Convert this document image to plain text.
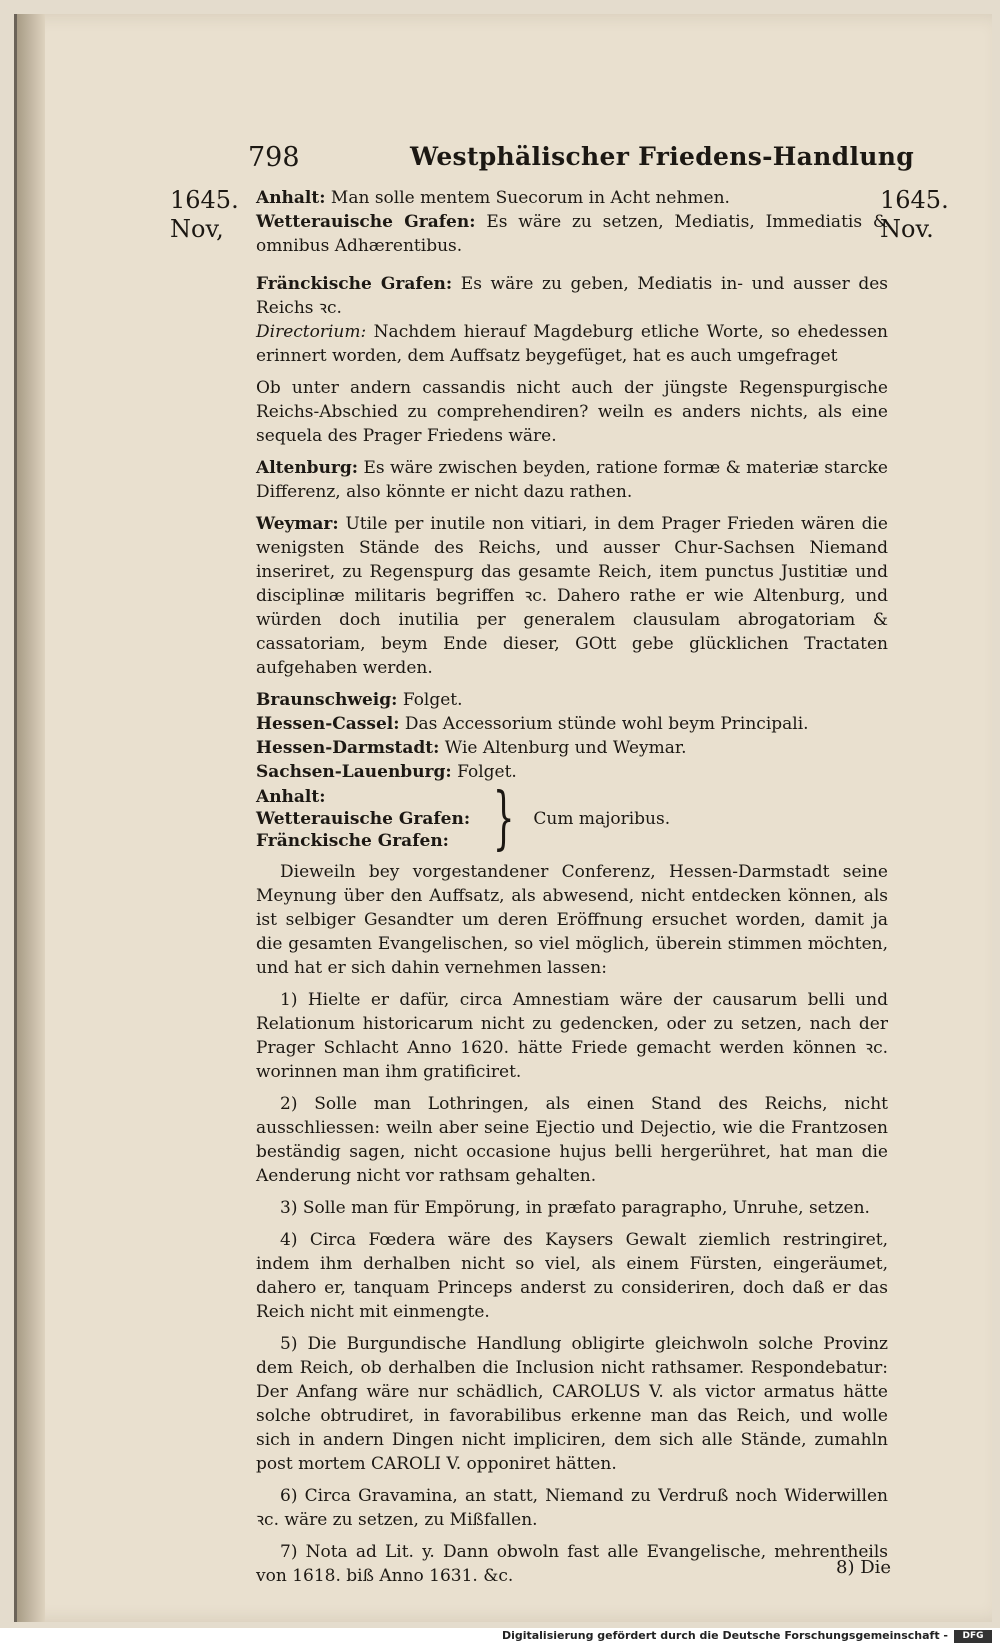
798	Westphälischer Friedens-Handlung
1645.
Nov,
1645.
Nov.

Anhalt: Man solle mentem Suecorum in Acht nehmen.

Wetterauische Grafen: Es wäre zu setzen, Mediatis, Immediatis & omnibus Adhærentibus.

Fränckische Grafen: Es wäre zu geben, Mediatis in- und ausser des Reichs ꝛc.

Directorium: Nachdem hierauf Magdeburg etliche Worte, so ehedessen erinnert worden, dem Auffsatz beygefüget, hat es auch umgefraget

Ob unter andern cassandis nicht auch der jüngste Regenspurgische Reichs-Abschied zu comprehendiren? weiln es anders nichts, als eine sequela des Prager Friedens wäre.

Altenburg: Es wäre zwischen beyden, ratione formæ & materiæ starcke Differenz, also könnte er nicht dazu rathen.

Weymar: Utile per inutile non vitiari, in dem Prager Frieden wären die wenigsten Stände des Reichs, und ausser Chur-Sachsen Niemand inseriret, zu Regenspurg das gesamte Reich, item punctus Justitiæ und disciplinæ militaris begriffen ꝛc. Dahero rathe er wie Altenburg, und würden doch inutilia per generalem clausulam abrogatoriam & cassatoriam, beym Ende dieser, GOtt gebe glücklichen Tractaten aufgehaben werden.

Braunschweig: Folget.

Hessen-Cassel: Das Accessorium stünde wohl beym Principali.

Hessen-Darmstadt: Wie Altenburg und Weymar.

Sachsen-Lauenburg: Folget.

Anhalt:
Wetterauische Grafen:
Fränckische Grafen: } Cum majoribus.

Dieweiln bey vorgestandener Conferenz, Hessen-Darmstadt seine Meynung über den Auffsatz, als abwesend, nicht entdecken können, als ist selbiger Gesandter um deren Eröffnung ersuchet worden, damit ja die gesamten Evangelischen, so viel möglich, überein stimmen möchten, und hat er sich dahin vernehmen lassen:

1) Hielte er dafür, circa Amnestiam wäre der causarum belli und Relationum historicarum nicht zu gedencken, oder zu setzen, nach der Prager Schlacht Anno 1620. hätte Friede gemacht werden können ꝛc. worinnen man ihm gratificiret.

2) Solle man Lothringen, als einen Stand des Reichs, nicht ausschliessen: weiln aber seine Ejectio und Dejectio, wie die Frantzosen beständig sagen, nicht occasione hujus belli hergerühret, hat man die Aenderung nicht vor rathsam gehalten.

3) Solle man für Empörung, in præfato paragrapho, Unruhe, setzen.

4) Circa Fœdera wäre des Kaysers Gewalt ziemlich restringiret, indem ihm derhalben nicht so viel, als einem Fürsten, eingeräumet, dahero er, tanquam Princeps anderst zu consideriren, doch daß er das Reich nicht mit einmengte.

5) Die Burgundische Handlung obligirte gleichwoln solche Provinz dem Reich, ob derhalben die Inclusion nicht rathsamer. Respondebatur: Der Anfang wäre nur schädlich, CAROLUS V. als victor armatus hätte solche obtrudiret, in favorabilibus erkenne man das Reich, und wolle sich in andern Dingen nicht impliciren, dem sich alle Stände, zumahln post mortem CAROLI V. opponiret hätten.

6) Circa Gravamina, an statt, Niemand zu Verdruß noch Widerwillen ꝛc. wäre zu setzen, zu Mißfallen.

7) Nota ad Lit. y. Dann obwoln fast alle Evangelische, mehrentheils von 1618. biß Anno 1631. &c.	8) Die
Digitalisierung gefördert durch die Deutsche Forschungsgemeinschaft -	DFG
